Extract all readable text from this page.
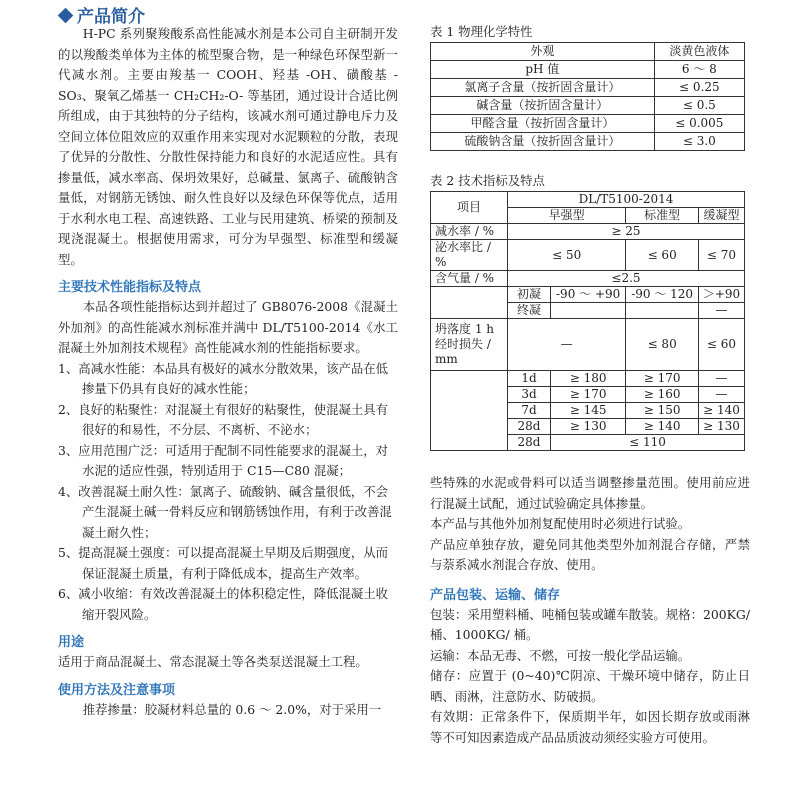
产品简介

H-PC 系列聚羧酸系高性能减水剂是本公司自主研制开发的以羧酸类单体为主体的梳型聚合物，是一种绿色环保型新一代减水剂。主要由羧基一 COOH、羟基 -OH、磺酸基 -SO₃、聚氧乙烯基一 CH₂CH₂-O- 等基团，通过设计合适比例所组成，由于其独特的分子结构，该减水剂可通过静电斥力及空间立体位阻效应的双重作用来实现对水泥颗粒的分散，表现了优异的分散性、分散性保持能力和良好的水泥适应性。具有掺量低，减水率高、保坍效果好，总碱量、氯离子、硫酸钠含量低，对钢筋无锈蚀、耐久性良好以及绿色环保等优点，适用于水利水电工程、高速铁路、工业与民用建筑、桥梁的预制及现浇混凝土。根据使用需求，可分为早强型、标准型和缓凝型。

主要技术性能指标及特点

本品各项性能指标达到并超过了 GB8076-2008《混凝土外加剂》的高性能减水剂标准并满中 DL/T5100-2014《水工混凝土外加剂技术规程》高性能减水剂的性能指标要求。

1、高减水性能：本品具有极好的减水分散效果，该产品在低掺量下仍具有良好的减水性能；

2、良好的粘聚性：对混凝土有很好的粘聚性，使混凝土具有很好的和易性，不分层、不离析、不泌水；

3、应用范围广泛：可适用于配制不同性能要求的混凝土，对水泥的适应性强，特别适用于 C15—C80 混凝；

4、改善混凝土耐久性：氯离子、硫酸钠、碱含量很低，不会产生混凝土碱一骨料反应和钢筋锈蚀作用，有利于改善混凝土耐久性；

5、提高混凝土强度：可以提高混凝土早期及后期强度，从而保证混凝土质量，有利于降低成本，提高生产效率。

6、减小收缩：有效改善混凝土的体积稳定性，降低混凝土收缩开裂风险。

用途

适用于商品混凝土、常态混凝土等各类泵送混凝土工程。

使用方法及注意事项

推荐掺量：胶凝材料总量的 0.6 ～ 2.0%，对于采用一

表 1 物理化学特性

外观	淡黄色液体
pH 值	6 ～ 8
氯离子含量（按折固含量计）	≤ 0.25
碱含量（按折固含量计）	≤ 0.5
甲醛含量（按折固含量计）	≤ 0.005
硫酸钠含量（按折固含量计）	≤ 3.0

表 2 技术指标及特点

项目	DL/T5100-2014			
	早强型		标准型	缓凝型
减水率 / %	≥ 25			
泌水率比 / %	≤ 50		≤ 60	≤ 70
含气量 / %	≤2.5			
	初凝	-90 ～ +90	-90 ～ 120	＞+90
	终凝			—
坍落度 1 h 经时损失 / mm	—		≤ 80	≤ 60
	1d	≥ 180	≥ 170	—
	3d	≥ 170	≥ 160	—
	7d	≥ 145	≥ 150	≥ 140
	28d	≥ 130	≥ 140	≥ 130
	28d	≤ 110		

些特殊的水泥或骨料可以适当调整掺量范围。使用前应进行混凝土试配，通过试验确定具体掺量。

本产品与其他外加剂复配使用时必须进行试验。

产品应单独存放，避免同其他类型外加剂混合存储，严禁与萘系减水剂混合存放、使用。

产品包装、运输、储存

包装：采用塑料桶、吨桶包装或罐车散装。规格：200KG/ 桶、1000KG/ 桶。

运输：本品无毒、不燃，可按一般化学品运输。

储存：应置于 (0~40)℃阴凉、干燥环境中储存，防止日晒、雨淋，注意防水、防破损。

有效期：正常条件下，保质期半年，如因长期存放或雨淋等不可知因素造成产品品质波动须经实验方可使用。
